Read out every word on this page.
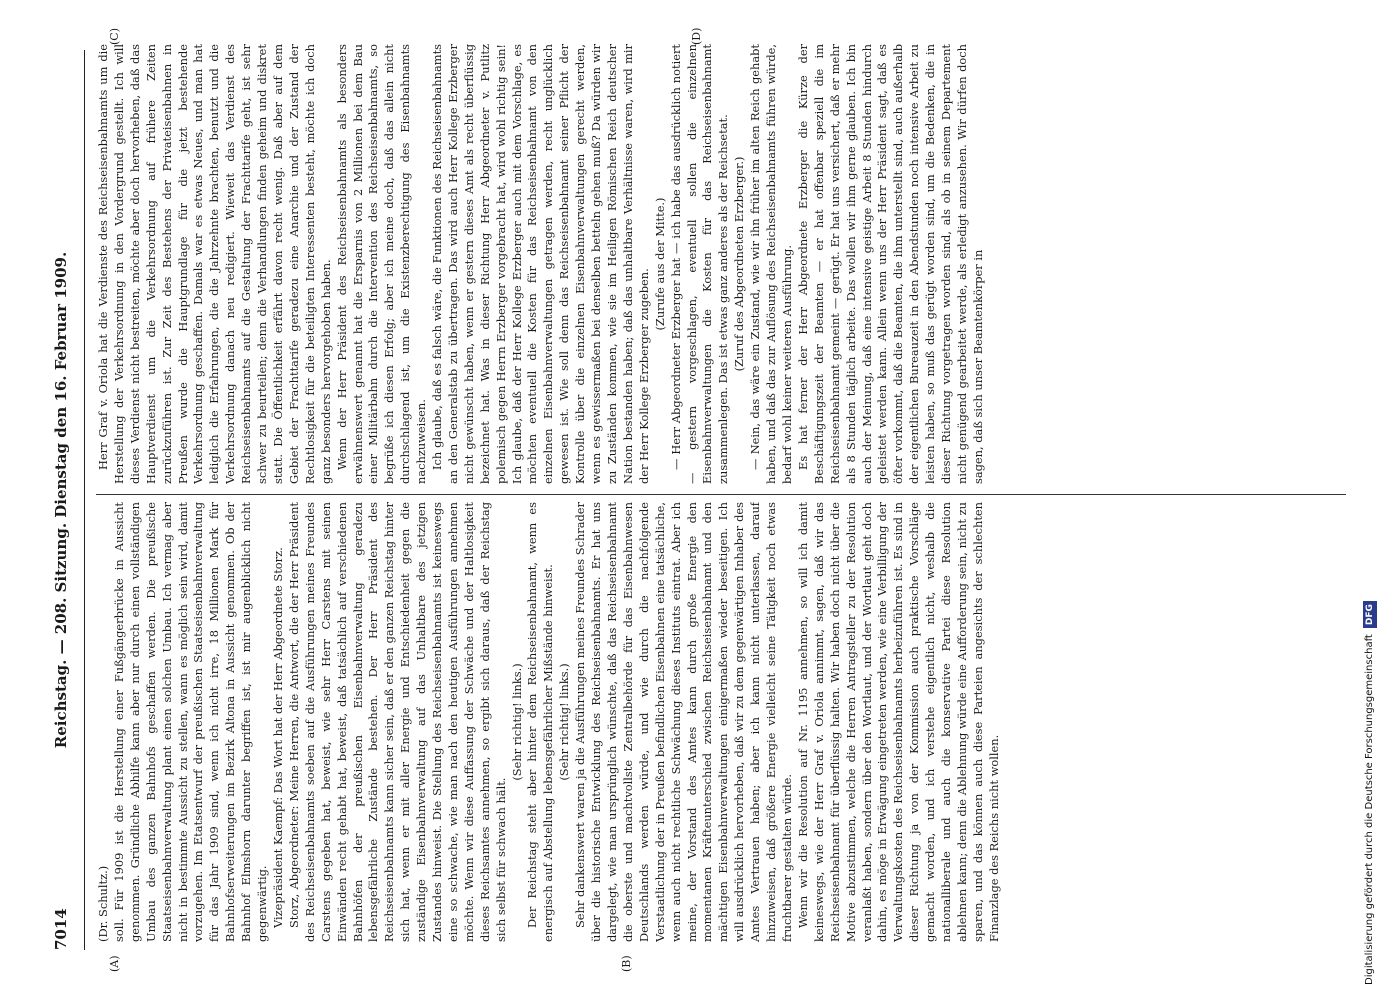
7014
Reichstag. — 208. Sitzung. Dienstag den 16. Februar 1909.
(A)	(B)
(C)	(D)

(Dr. Schultz.) soll. Für 1909 ist die Herstellung einer Fußgängerbrücke in Aussicht genommen. Gründliche Abhilfe kann aber nur durch einen vollständigen Umbau des ganzen Bahnhofs geschaffen werden. Die preußische Staatseisenbahnverwaltung plant einen solchen Umbau. Ich vermag aber nicht in bestimmte Aussicht zu stellen, wann es möglich sein wird, damit vorzugehen. Im Etatsentwurf der preußischen Staatseisenbahnverwaltung für das Jahr 1909 sind, wenn ich nicht irre, 18 Millionen Mark für Bahnhofserweiterungen im Bezirk Altona in Aussicht genommen. Ob der Bahnhof Elmshorn darunter begriffen ist, ist mir augenblicklich nicht gegenwärtig. Vizepräsident Kaempf: Das Wort hat der Herr Abgeordnete Storz. Storz, Abgeordneter: Meine Herren, die Antwort, die der Herr Präsident des Reichseisenbahnamts soeben auf die Ausführungen meines Freundes Carstens gegeben hat, beweist, wie sehr Herr Carstens mit seinen Einwänden recht gehabt hat, beweist, daß tatsächlich auf verschiedenen Bahnhöfen der preußischen Eisenbahnverwaltung geradezu lebensgefährliche Zustände bestehen. Der Herr Präsident des Reichseisenbahnamts kann sicher sein, daß er den ganzen Reichstag hinter sich hat, wenn er mit aller Energie und Entschiedenheit gegen die zuständige Eisenbahnverwaltung auf das Unhaltbare des jetzigen Zustandes hinweist. Die Stellung des Reichseisenbahnamts ist keineswegs eine so schwache, wie man nach den heutigen Ausführungen annehmen möchte. Wenn wir diese Auffassung der Schwäche und der Haltlosigkeit dieses Reichsamtes annehmen, so ergibt sich daraus, daß der Reichstag sich selbst für schwach hält.

(Sehr richtig! links.) Der Reichstag steht aber hinter dem Reichseisenbahnamt, wenn es energisch auf Abstellung lebensgefährlicher Mißstände hinweist. (Sehr richtig! links.) Sehr dankenswert waren ja die Ausführungen meines Freundes Schrader über die historische Entwicklung des Reichseisenbahnamts. Er hat uns dargelegt, wie man ursprünglich wünschte, daß das Reichseisenbahnamt die oberste und machtvollste Zentralbehörde für das Eisenbahnwesen Deutschlands werden würde, und wie durch die nachfolgende Verstaatlichung der in Preußen befindlichen Eisenbahnen eine tatsächliche, wenn auch nicht rechtliche Schwächung dieses Instituts eintrat. Aber ich meine, der Vorstand des Amtes kann durch große Energie den momentanen Kräfteunterschied zwischen Reichseisenbahnamt und den mächtigen Eisenbahnverwaltungen einigermaßen wieder beseitigen. Ich will ausdrücklich hervorheben, daß wir zu dem gegenwärtigen Inhaber des Amtes Vertrauen haben; aber ich kann nicht unterlassen, darauf hinzuweisen, daß größere Energie vielleicht seine Tätigkeit noch etwas fruchtbarer gestalten würde. Wenn wir die Resolution auf Nr. 1195 annehmen, so will ich damit keineswegs, wie der Herr Graf v. Oriola annimmt, sagen, daß wir das Reichseisenbahnamt für überflüssig halten. Wir haben doch nicht über die Motive abzustimmen, welche die Herren Antragsteller zu der Resolution veranlaßt haben, sondern über den Wortlaut, und der Wortlaut geht doch dahin, es möge in Erwägung eingetreten werden, wie eine Verbilligung der Verwaltungskosten des Reichseisenbahnamts herbeizuführen ist. Es sind in dieser Richtung ja von der Kommission auch praktische Vorschläge gemacht worden, und ich verstehe eigentlich nicht, weshalb die nationalliberale und auch die konservative Partei diese Resolution ablehnen kann; denn die Ablehnung würde eine Aufforderung sein, nicht zu sparen, und das können auch diese Parteien angesichts der schlechten Finanzlage des Reichs nicht wollen.

Herr Graf v. Oriola hat die Verdienste des Reichseisenbahnamts um die Herstellung der Verkehrsordnung in den Vordergrund gestellt. Ich will dieses Verdienst nicht bestreiten, möchte aber doch hervorheben, daß das Hauptverdienst um die Verkehrsordnung auf frühere Zeiten zurückzuführen ist. Zur Zeit des Bestehens der Privateisenbahnen in Preußen wurde die Hauptgrundlage für die jetzt bestehende Verkehrsordnung geschaffen. Damals war es etwas Neues, und man hat lediglich die Erfahrungen, die die Jahrzehnte brachten, benutzt und die Verkehrsordnung danach neu redigiert. Wieweit das Verdienst des Reichseisenbahnamts auf die Gestaltung der Frachttarife geht, ist sehr schwer zu beurteilen; denn die Verhandlungen finden geheim und diskret statt. Die Öffentlichkeit erfährt davon recht wenig. Daß aber auf dem Gebiet der Frachttarife geradezu eine Anarchie und der Zustand der Rechtlosigkeit für die beteiligten Interessenten besteht, möchte ich doch ganz besonders hervorgehoben haben. Wenn der Herr Präsident des Reichseisenbahnamts als besonders erwähnenswert genannt hat die Ersparnis von 2 Millionen bei dem Bau einer Militärbahn durch die Intervention des Reichseisenbahnamts, so begrüße ich diesen Erfolg; aber ich meine doch, daß das allein nicht durchschlagend ist, um die Existenzberechtigung des Eisenbahnamts nachzuweisen. Ich glaube, daß es falsch wäre, die Funktionen des Reichseisenbahnamts an den Generalstab zu übertragen. Das wird auch Herr Kollege Erzberger nicht gewünscht haben, wenn er gestern dieses Amt als recht überflüssig bezeichnet hat. Was in dieser Richtung Herr Abgeordneter v. Putlitz polemisch gegen Herrn Erzberger vorgebracht hat, wird wohl richtig sein! Ich glaube, daß der Herr Kollege Erzberger auch mit dem Vorschlage, es möchten eventuell die Kosten für das Reichseisenbahnamt von den einzelnen Eisenbahnverwaltungen getragen werden, recht unglücklich gewesen ist. Wie soll denn das Reichseisenbahnamt seiner Pflicht der Kontrolle über die einzelnen Eisenbahnverwaltungen gerecht werden, wenn es gewissermaßen bei denselben betteln gehen muß? Da würden wir zu Zuständen kommen, wie sie im Heiligen Römischen Reich deutscher Nation bestanden haben; daß das unhaltbare Verhältnisse waren, wird mir der Herr Kollege Erzberger zugeben.

(Zurufe aus der Mitte.) — Herr Abgeordneter Erzberger hat — ich habe das ausdrücklich notiert — gestern vorgeschlagen, eventuell sollen die einzelnen Eisenbahnverwaltungen die Kosten für das Reichseisenbahnamt zusammenlegen. Das ist etwas ganz anderes als der Reichsetat. (Zuruf des Abgeordneten Erzberger.) — Nein, das wäre ein Zustand, wie wir ihn früher im alten Reich gehabt haben, und daß das zur Auflösung des Reichseisenbahnamts führen würde, bedarf wohl keiner weiteren Ausführung. Es hat ferner der Herr Abgeordnete Erzberger die Kürze der Beschäftigungszeit der Beamten — er hat offenbar speziell die im Reichseisenbahnamt gemeint — gerügt. Er hat uns versichert, daß er mehr als 8 Stunden täglich arbeite. Das wollen wir ihm gerne glauben. Ich bin auch der Meinung, daß eine intensive geistige Arbeit 8 Stunden hindurch geleistet werden kann. Allein wenn uns der Herr Präsident sagt, daß es öfter vorkommt, daß die Beamten, die ihm unterstellt sind, auch außerhalb der eigentlichen Bureauzeit in den Abendstunden noch intensive Arbeit zu leisten haben, so muß das gerügt worden sind, um die Bedenken, die in dieser Richtung vorgetragen worden sind, als ob in seinem Departement nicht genügend gearbeitet werde, als erledigt anzusehen. Wir dürfen doch sagen, daß sich unser Beamtenkörper in

Digitalisierung gefördert durch die Deutsche ForschungsgemeinschaftDFG
